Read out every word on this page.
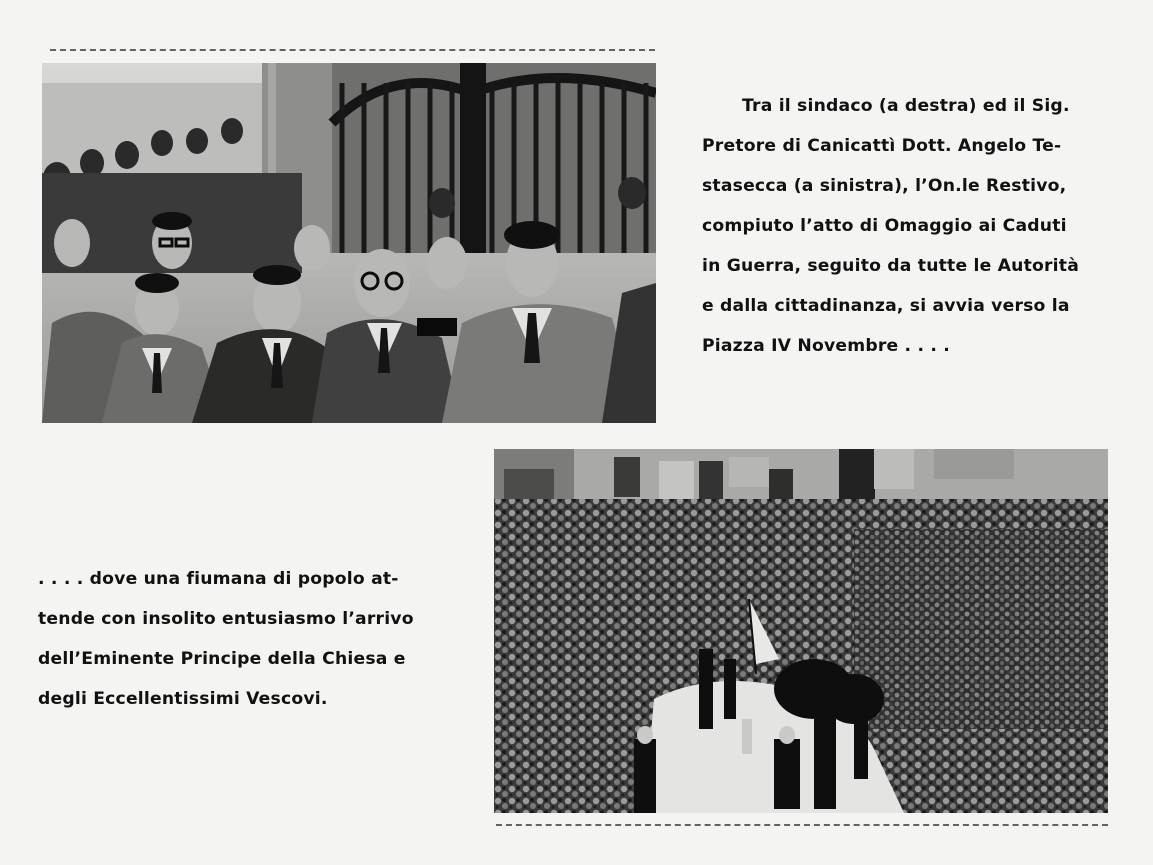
Tra il sindaco (a destra) ed il Sig.
Pretore di Canicattì Dott. Angelo Te-
stasecca (a sinistra), l’On.le Restivo,
compiuto l’atto di Omaggio ai Caduti
in Guerra, seguito da tutte le Autorità
e dalla cittadinanza, si avvia verso la
Piazza IV Novembre . . . .

. . . . dove una fiumana di popolo at-
tende con insolito entusiasmo l’arrivo
dell’Eminente Principe della Chiesa e
degli Eccellentissimi Vescovi.
